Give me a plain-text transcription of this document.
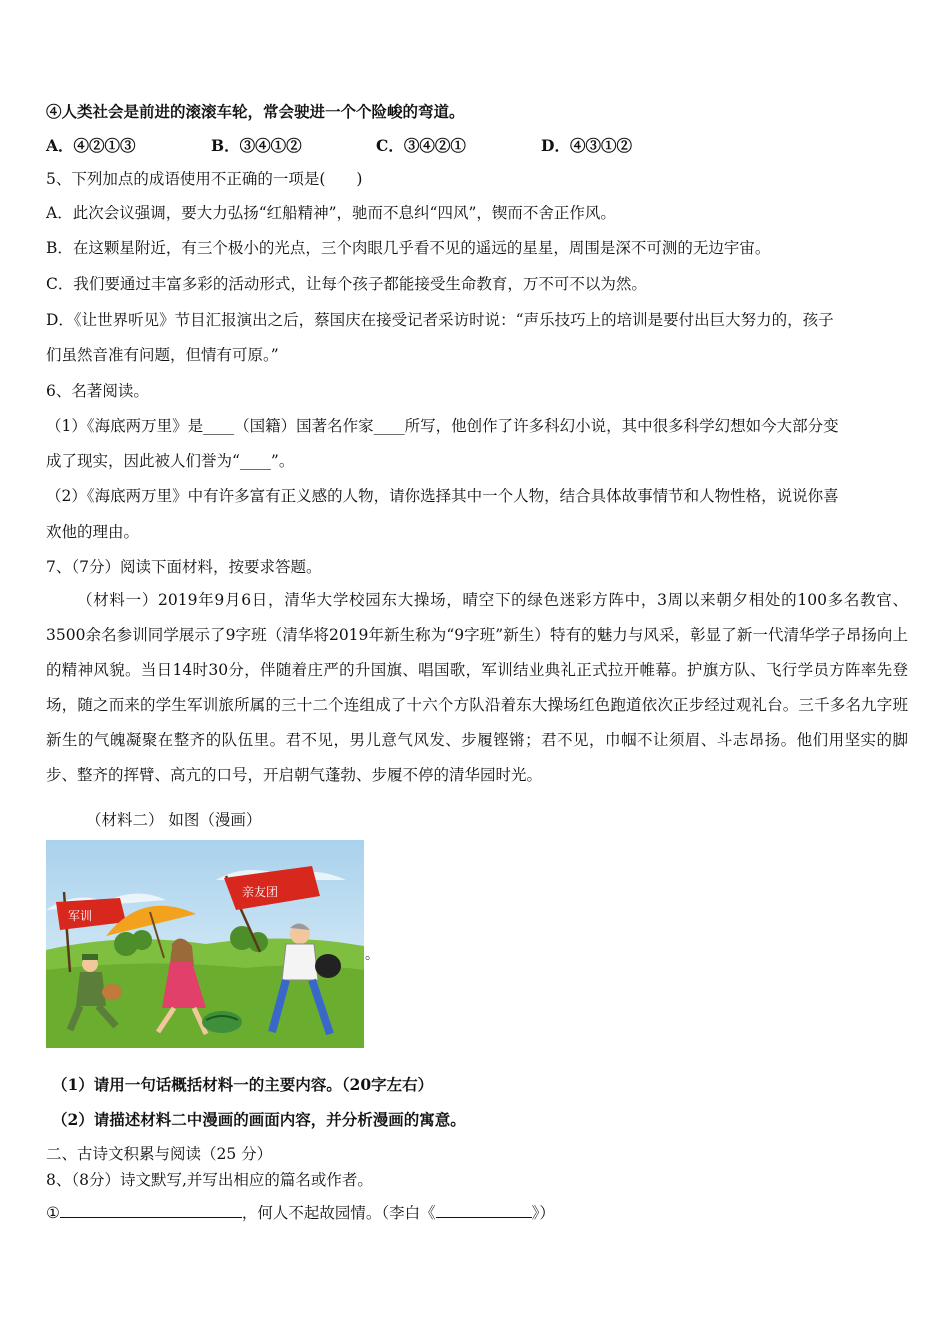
④人类社会是前进的滚滚车轮，常会驶进一个个险峻的弯道。
A．④②①③	B．③④①②	C．③④②①	D．④③①②
5、下列加点的成语使用不正确的一项是(　　)
A．此次会议强调，要大力弘扬“红船精神”，驰而不息纠“四风”，锲而不舍正作风。
B．在这颗星附近，有三个极小的光点，三个肉眼几乎看不见的遥远的星星，周围是深不可测的无边宇宙。
C．我们要通过丰富多彩的活动形式，让每个孩子都能接受生命教育，万不可不以为然。
D．《让世界听见》节目汇报演出之后，蔡国庆在接受记者采访时说：“声乐技巧上的培训是要付出巨大努力的，孩子
们虽然音准有问题，但情有可原。”
6、名著阅读。
（1）《海底两万里》是____（国籍）国著名作家____所写，他创作了许多科幻小说，其中很多科学幻想如今大部分变
成了现实，因此被人们誉为“____”。
（2）《海底两万里》中有许多富有正义感的人物，请你选择其中一个人物，结合具体故事情节和人物性格，说说你喜
欢他的理由。
7、（7分）阅读下面材料，按要求答题。
（材料一）2019年9月6日，清华大学校园东大操场，晴空下的绿色迷彩方阵中，3周以来朝夕相处的100多名教官、3500余名参训同学展示了9字班（清华将2019年新生称为“9字班”新生）特有的魅力与风采，彰显了新一代清华学子昂扬向上的精神风貌。当日14时30分，伴随着庄严的升国旗、唱国歌，军训结业典礼正式拉开帷幕。护旗方队、飞行学员方阵率先登场，随之而来的学生军训旅所属的三十二个连组成了十六个方队沿着东大操场红色跑道依次正步经过观礼台。三千多名九字班新生的气魄凝聚在整齐的队伍里。君不见，男儿意气风发、步履铿锵；君不见，巾帼不让须眉、斗志昂扬。他们用坚实的脚步、整齐的挥臂、高亢的口号，开启朝气蓬勃、步履不停的清华园时光。
（材料二） 如图（漫画）
军训
亲友团
。
（1）请用一句话概括材料一的主要内容。（20字左右）
（2）请描述材料二中漫画的画面内容，并分析漫画的寓意。
二、古诗文积累与阅读（25 分）
8、（8分）诗文默写,并写出相应的篇名或作者。
①	，何人不起故园情。（李白《	》）
